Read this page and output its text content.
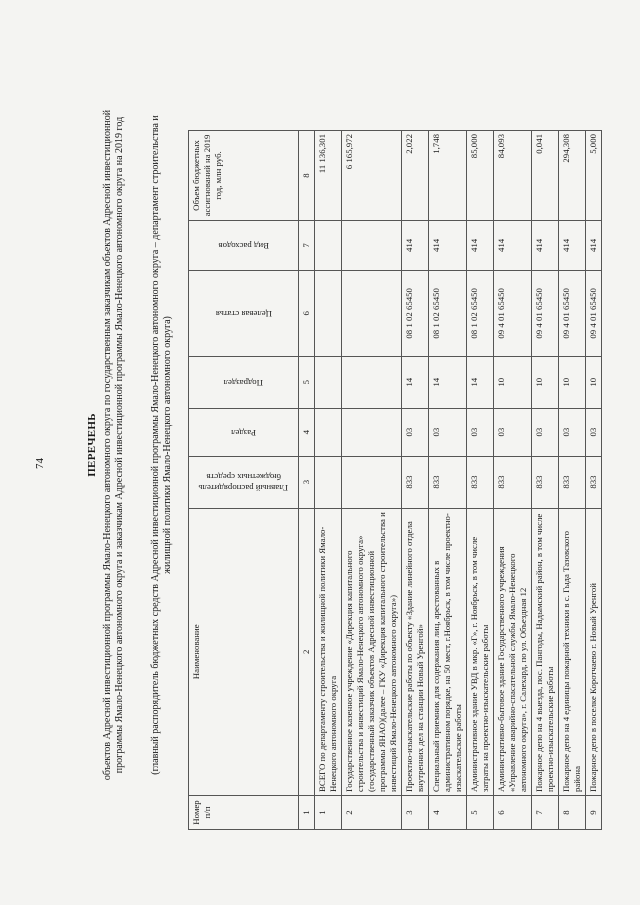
74	ПЕРЕЧЕНЬ объектов Адресной инвестиционной программы Ямало-Ненецкого автономного округа по государственным заказчикам объектов Адресной инвестиционной программы Ямало-Ненецкого автономного округа и заказчикам Адресной инвестиционной программы Ямало-Ненецкого автономного округа на 2019 год	(главный распорядитель бюджетных средств Адресной инвестиционной программы Ямало-Ненецкого автономного округа – департамент строительства и жилищной политики Ямало-Ненецкого автономного округа)
Номер п/п	Наименование	Главный распорядитель бюджетных средств	Раздел	Подраздел	Целевая статья	Вид расходов	Объем бюджетных ассигнований на 2019 год, млн руб.
1	2	3	4	5	6	7	8
1	ВСЕГО по департаменту строительства и жилищной политики Ямало-Ненецкого автономного округа						11 136,301
2	Государственное казенное учреждение «Дирекция капитального строительства и инвестиций Ямало-Ненецкого автономного округа» (государственный заказчик объектов Адресной инвестиционной программы ЯНАО)(далее – ГКУ «Дирекция капитального строительства и инвестиций Ямало-Ненецкого автономного округа»)						6 165,972
3	Проектно-изыскательские работы по объекту «Здание линейного отдела внутренних дел на станции Новый Уренгой»	833	03	14	08 1 02 65450	414	2,022
4	Специальный приемник для содержания лиц, арестованных в административном порядке, на 50 мест, г.Ноябрьск, в том числе проектно-изыскательские работы	833	03	14	08 1 02 65450	414	1,748
5	Административное здание УВД в мкр. «Г», г. Ноябрьск, в том числе затраты на проектно-изыскательские работы	833	03	14	08 1 02 65450	414	85,000
6	Административно-бытовое здание Государственного учреждения «Управление аварийно-спасательной службы Ямало-Ненецкого автономного округа», г. Салехард, по ул. Объездная 12	833	03	10	09 4 01 65450	414	84,093
7	Пожарное депо на 4 выезда, пос. Пангоды, Надымский район, в том числе проектно-изыскательские работы	833	03	10	09 4 01 65450	414	0,041
8	Пожарное депо на 4 единицы пожарной техники в с. Гыда Тазовского района	833	03	10	09 4 01 65450	414	294,308
9	Пожарное депо в поселке Коротчаево г. Новый Уренгой	833	03	10	09 4 01 65450	414	5,000
